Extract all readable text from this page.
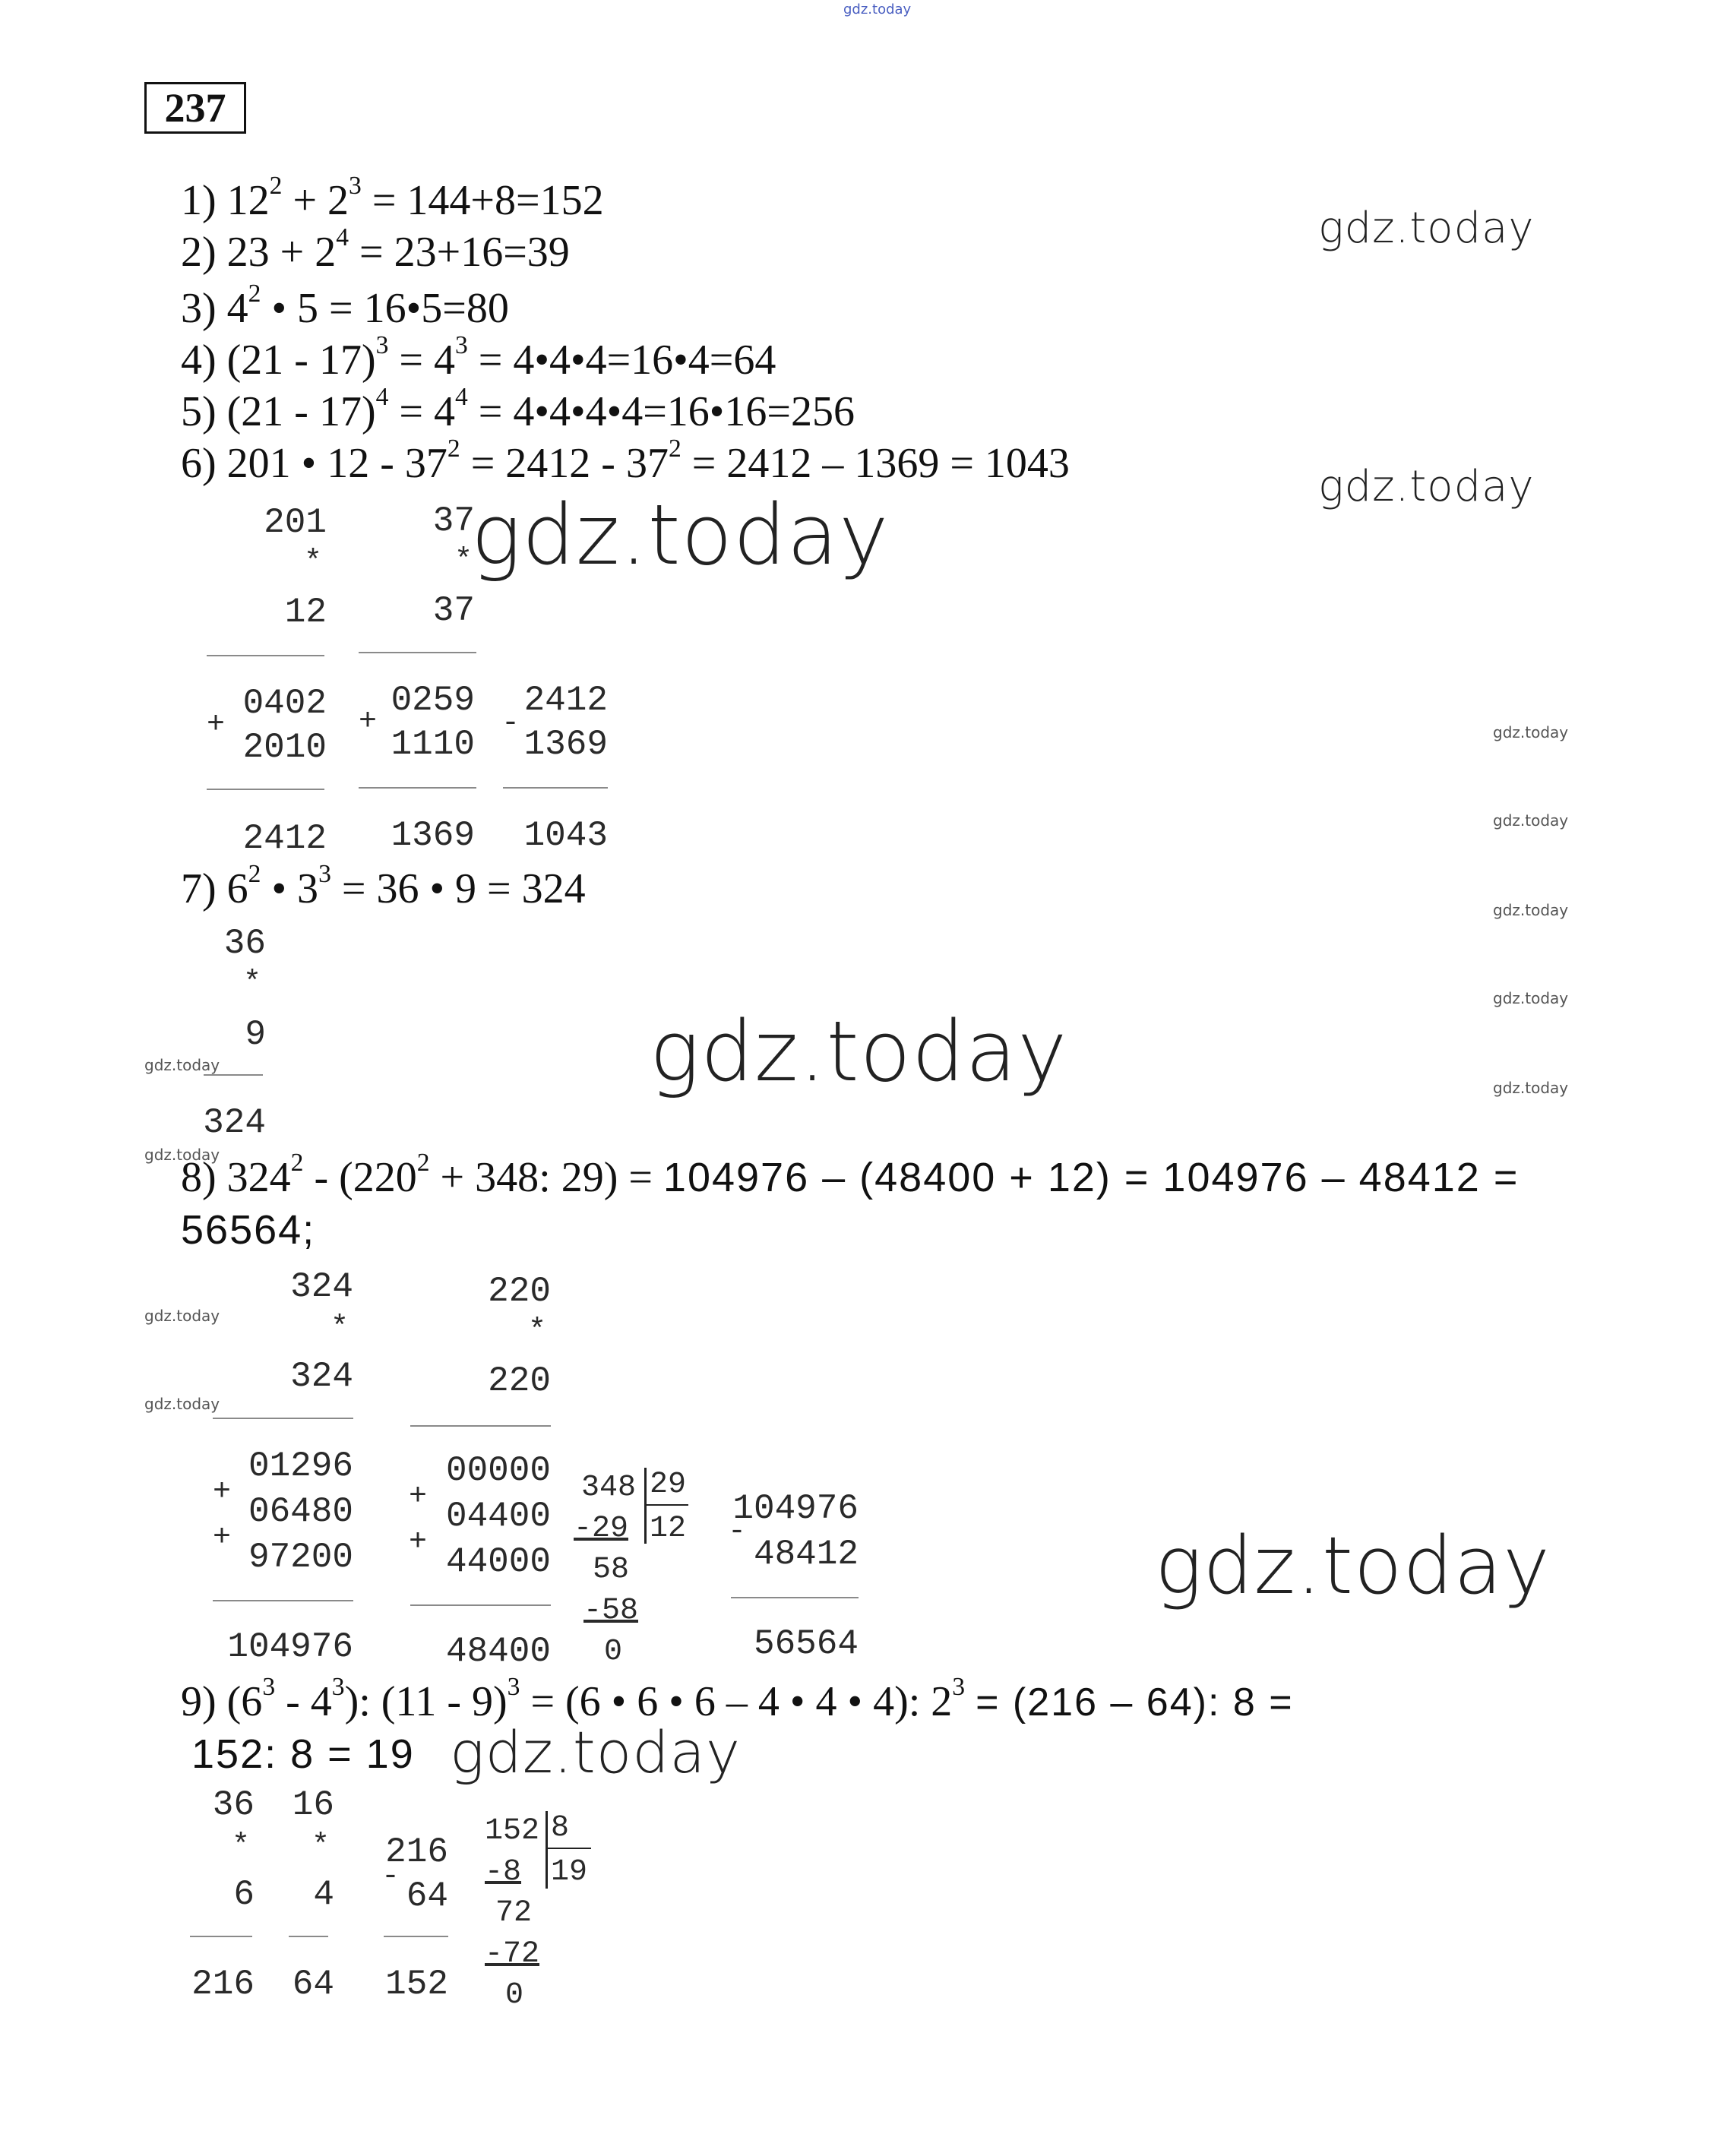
gdz.today
237
1) $12^2 + 2^3 = 144+8=152$
2) $23 + 2^4 = 23+16=39$
3) $4^2$ • 5 = 16•5=80
4) $(21 - 17)^3 = 4^3$ = 4•4•4=16•4=64
5) $(21 - 17)^4 = 4^4$ = 4•4•4•4=16•16=256
6) 201 • $12 - 37^2 = 2412 - 37^2 = 2412 - 1369 = 1043$
gdz.today
gdz.today
gdz.today
201
*
12
+
0402
2010
2412
37
*
37
+
0259
1110
1369
-
2412
1369
1043
gdz.today
gdz.today
gdz.today
gdz.today
gdz.today
7) $6^2$ • $3^3 = 36$ • 9 = 324
36
*
9
324
gdz.today	gdz.today
gdz.today
8) $324^2 - (220^2 + 348$: 29) = 104976 – (48400 + 12) = 104976 – 48412 =
56564;
324
*
324
+
+
01296
06480
97200
104976
gdz.today
gdz.today
220
*
220
+
+
00000
04400
44000
48400
348 29
12
-29
58
-58
0
-
104976
48412
56564
gdz.today
9) $(6^3 - 4^3)$: (11 - 9)$^3$ = (6 • 6 • 6 – 4 • 4 • 4): $2^3 = (216 - 64)$: 8 =
152: 8 = 19 gdz.today
36
*
6
216
16
*
4
64
-
216
64
152
152 8
19
-8
72
-72
0
